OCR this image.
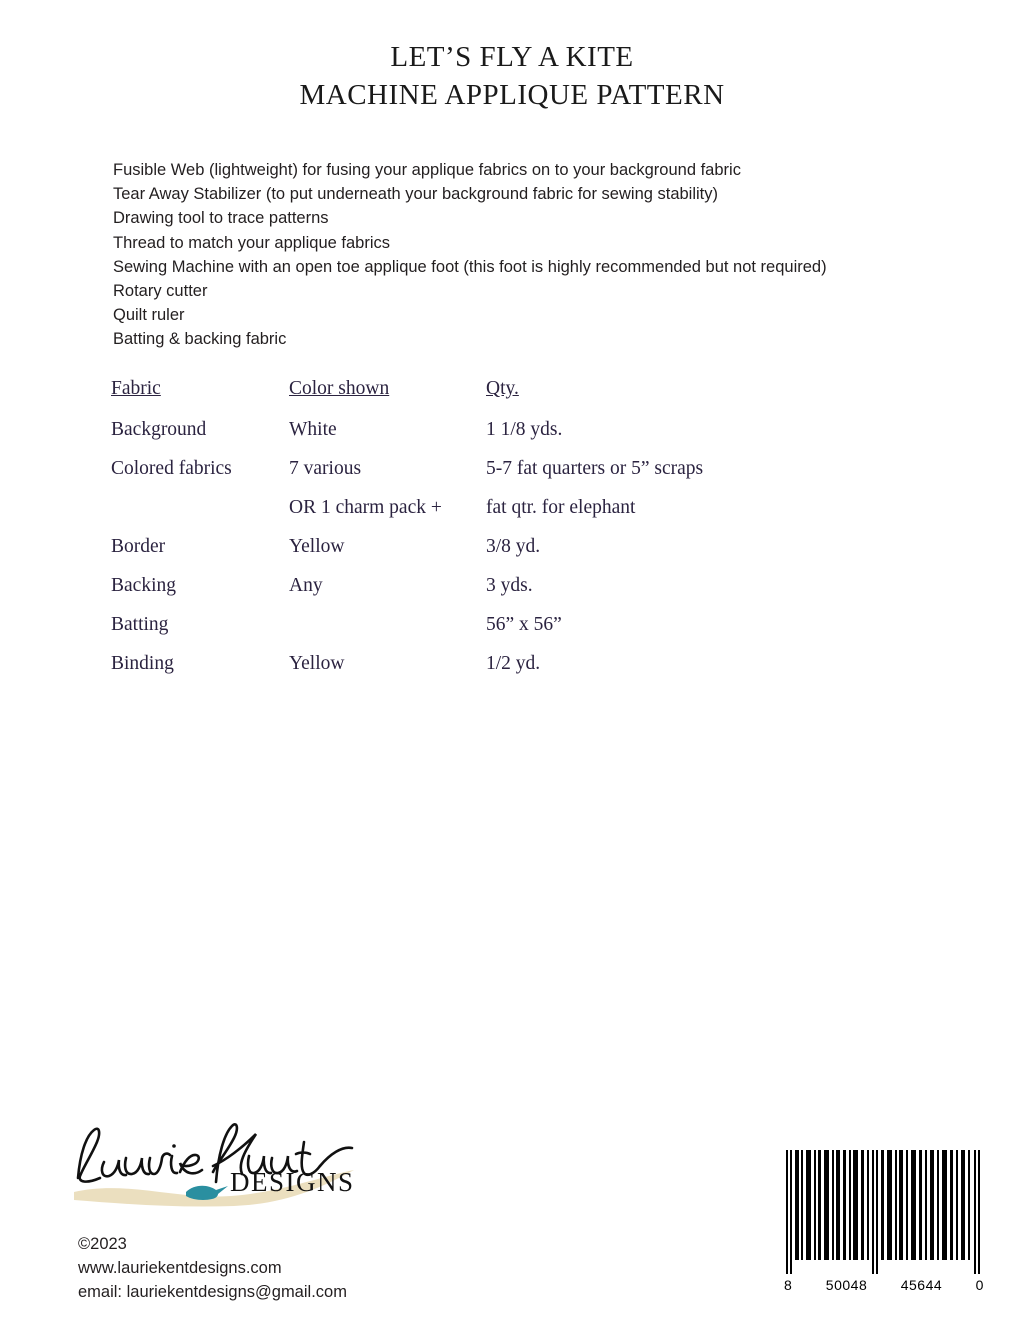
LET’S FLY A KITE
MACHINE APPLIQUE PATTERN
Fusible Web (lightweight) for fusing your applique fabrics on to your background fabric
Tear Away Stabilizer (to put underneath your background fabric for sewing stability)
Drawing tool to trace patterns
Thread to match your applique fabrics
Sewing Machine with an open toe applique foot (this foot is highly recommended but not required)
Rotary cutter
Quilt ruler
Batting & backing fabric
Fabric	Color shown	Qty.
Background	White	1 1/8 yds.
Colored fabrics	7 various	5-7 fat quarters or 5” scraps
	OR 1 charm pack +	fat qtr. for elephant
Border	Yellow	3/8 yd.
Backing	Any	3 yds.
Batting		56” x 56”
Binding	Yellow	1/2 yd.
DESIGNS
©2023
www.lauriekentdesigns.com
email: lauriekentdesigns@gmail.com	8 50048 45644 0
